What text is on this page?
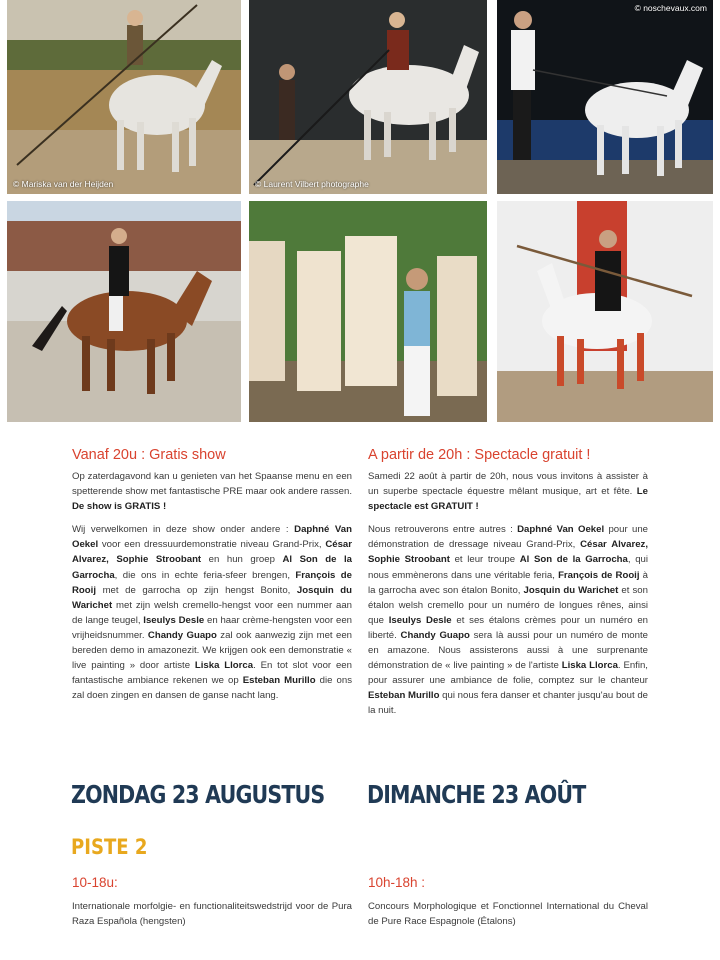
© Mariska van der Heijden	© Laurent Vilbert photographe
© noschevaux.com
Vanaf 20u : Gratis show

Op zaterdagavond kan u genieten van het Spaanse menu en een spetterende show met fantastische PRE maar ook andere rassen. De show is GRATIS !

Wij verwelkomen in deze show onder andere : Daphné Van Oekel voor een dressuurdemonstratie niveau Grand-Prix, César Alvarez, Sophie Stroobant en hun groep Al Son de la Garrocha, die ons in echte feria-sfeer brengen, François de Rooij met de garrocha op zijn hengst Bonito, Josquin du Warichet met zijn welsh cremello-hengst voor een nummer aan de lange teugel, Iseulys Desle en haar crème-hengsten voor een vrijheidsnummer. Chandy Guapo zal ook aanwezig zijn met een bereden demo in amazonezit. We krijgen ook een demonstratie « live painting » door artiste Liska Llorca. En tot slot voor een fantastische ambiance rekenen we op Esteban Murillo die ons zal doen zingen en dansen de ganse nacht lang.

A partir de 20h : Spectacle gratuit !

Samedi 22 août à partir de 20h, nous vous invitons à assister à un superbe spectacle équestre mêlant musique, art et fête. Le spectacle est GRATUIT !

Nous retrouverons entre autres : Daphné Van Oekel pour une démonstration de dressage niveau Grand-Prix, César Alvarez, Sophie Stroobant et leur troupe Al Son de la Garrocha, qui nous emmènerons dans une véritable feria, François de Rooij à la garrocha avec son étalon Bonito, Josquin du Warichet et son étalon welsh cremello pour un numéro de longues rênes, ainsi que Iseulys Desle et ses étalons crèmes pour un numéro en liberté. Chandy Guapo sera là aussi pour un numéro de monte en amazone. Nous assisterons aussi à une surprenante démonstration de « live painting » de l'artiste Liska Llorca. Enfin, pour assurer une ambiance de folie, comptez sur le chanteur Esteban Murillo qui nous fera danser et chanter jusqu'au bout de la nuit.

ZONDAG 23 AUGUSTUS DIMANCHE 23 AOÛT
PISTE 2
10-18u:	10h-18h :

Internationale morfolgie- en functionaliteitswedstrijd voor de Pura Raza Española (hengsten)

Concours Morphologique et Fonctionnel International du Cheval de Pure Race Espagnole (Étalons)
